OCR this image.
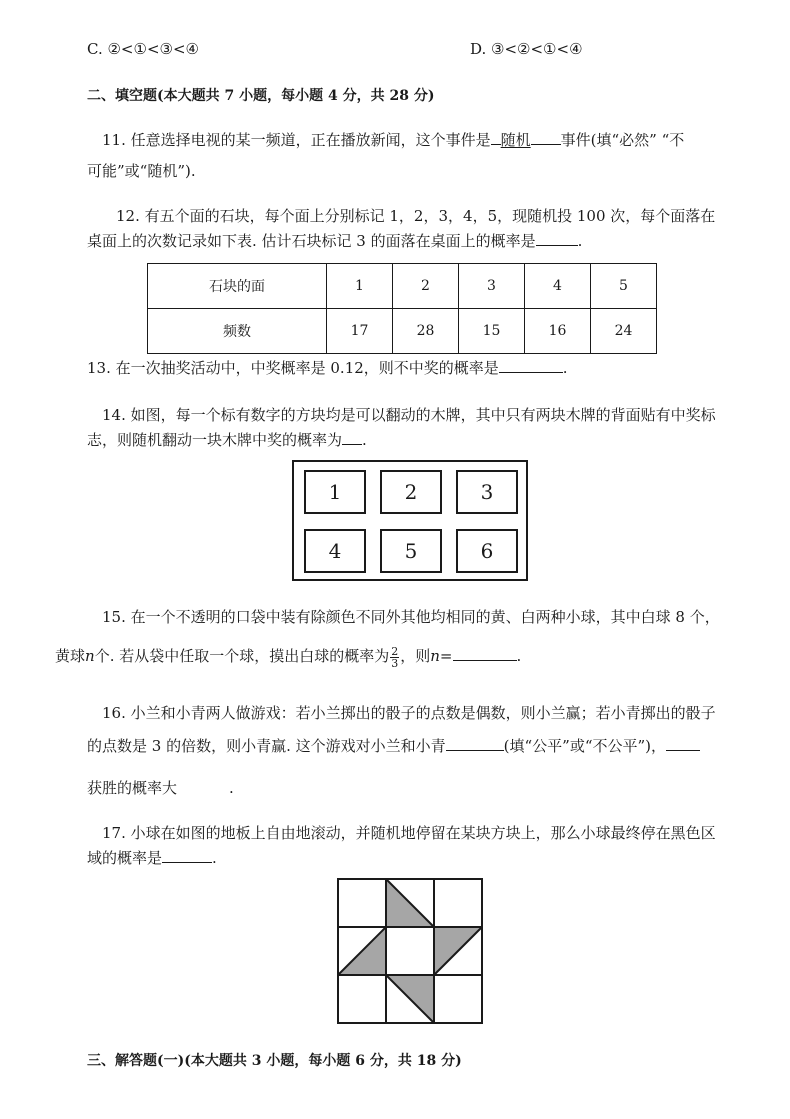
C. ②<①<③<④	D. ③<②<①<④
二、填空题(本大题共 7 小题，每小题 4 分，共 28 分)
11. 任意选择电视的某一频道，正在播放新闻，这个事件是 随机 事件(填“必然” “不
可能”或“随机”).
12. 有五个面的石块，每个面上分别标记 1，2，3，4，5，现随机投 100 次，每个面落在
桌面上的次数记录如下表. 估计石块标记 3 的面落在桌面上的概率是	.
石块的面	1	2	3	4	5
频数	17	28	15	16	24
13. 在一次抽奖活动中，中奖概率是 0.12，则不中奖的概率是	.
14. 如图，每一个标有数字的方块均是可以翻动的木牌，其中只有两块木牌的背面贴有中奖标
志，则随机翻动一块木牌中奖的概率为 .
1	2	3
4	5	6
15. 在一个不透明的口袋中装有除颜色不同外其他均相同的黄、白两种小球，其中白球 8 个，
黄球n个. 若从袋中任取一个球，摸出白球的概率为 $\frac{2}{3}$ ，则n=	.
16. 小兰和小青两人做游戏：若小兰掷出的骰子的点数是偶数，则小兰赢；若小青掷出的骰子
的点数是 3 的倍数，则小青赢. 这个游戏对小兰和小青	(填“公平”或“不公平”)，
获胜的概率大	.
17. 小球在如图的地板上自由地滚动，并随机地停留在某块方块上，那么小球最终停在黑色区
域的概率是	.
三、解答题(一)(本大题共 3 小题，每小题 6 分，共 18 分)
